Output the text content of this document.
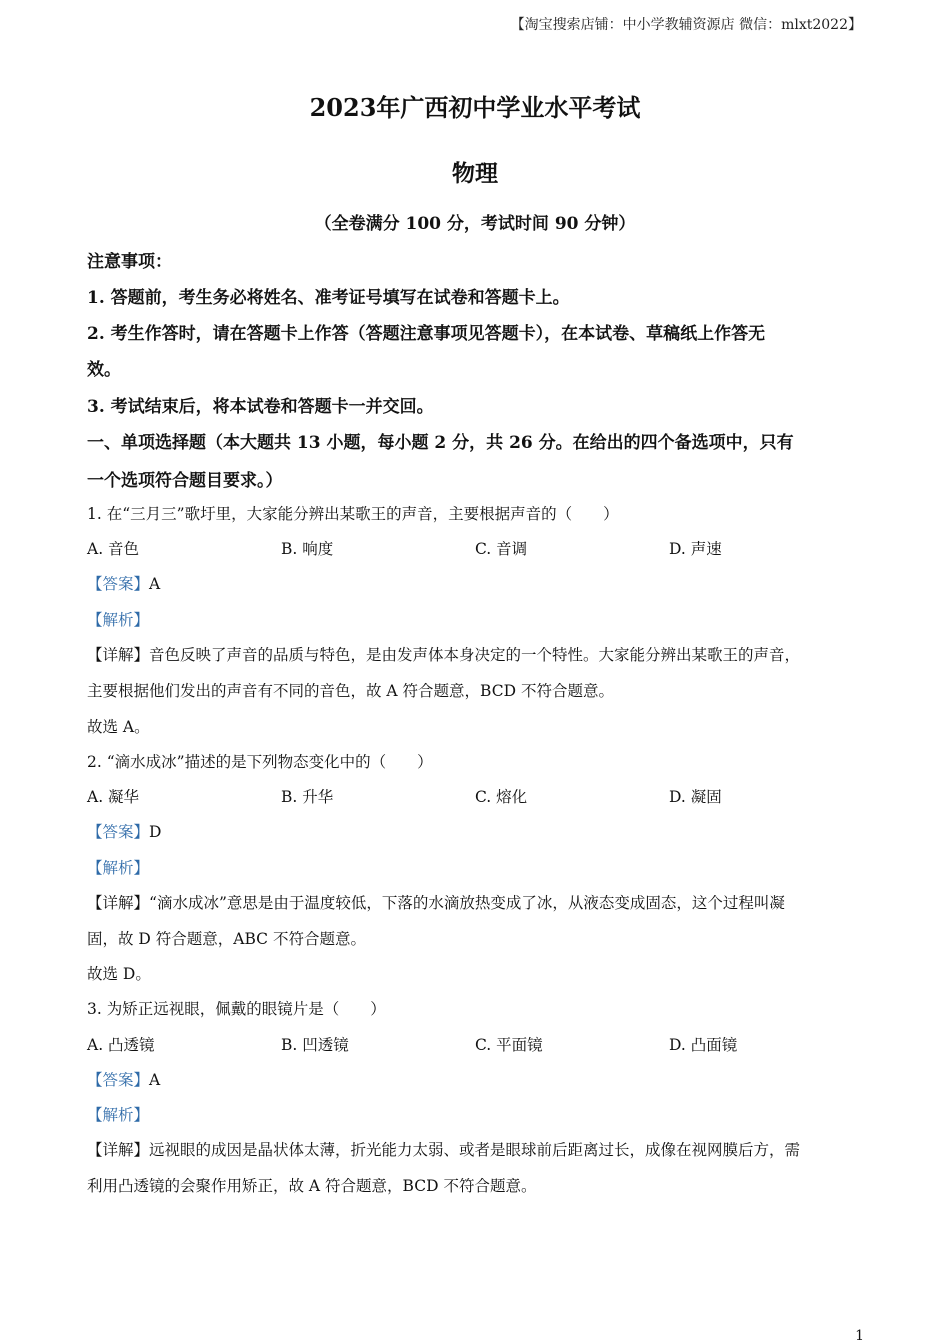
【淘宝搜索店铺：中小学教辅资源店 微信：mlxt2022】
2023年广西初中学业水平考试
物理
（全卷满分 100 分，考试时间 90 分钟）
注意事项：
1. 答题前，考生务必将姓名、准考证号填写在试卷和答题卡上。
2. 考生作答时，请在答题卡上作答（答题注意事项见答题卡），在本试卷、草稿纸上作答无
效。
3. 考试结束后，将本试卷和答题卡一并交回。
一、单项选择题（本大题共 13 小题，每小题 2 分，共 26 分。在给出的四个备选项中，只有
一个选项符合题目要求。）
1. 在“三月三”歌圩里，大家能分辨出某歌王的声音，主要根据声音的（　　）
A. 音色	B. 响度	C. 音调	D. 声速
【答案】A
【解析】
【详解】音色反映了声音的品质与特色，是由发声体本身决定的一个特性。大家能分辨出某歌王的声音，
主要根据他们发出的声音有不同的音色，故 A 符合题意，BCD 不符合题意。
故选 A。
2. “滴水成冰”描述的是下列物态变化中的（　　）
A. 凝华	B. 升华	C. 熔化	D. 凝固
【答案】D
【解析】
【详解】“滴水成冰”意思是由于温度较低，下落的水滴放热变成了冰，从液态变成固态，这个过程叫凝
固，故 D 符合题意，ABC 不符合题意。
故选 D。
3. 为矫正远视眼，佩戴的眼镜片是（　　）
A. 凸透镜	B. 凹透镜	C. 平面镜	D. 凸面镜
【答案】A
【解析】
【详解】远视眼的成因是晶状体太薄，折光能力太弱、或者是眼球前后距离过长，成像在视网膜后方，需
利用凸透镜的会聚作用矫正，故 A 符合题意，BCD 不符合题意。
1
